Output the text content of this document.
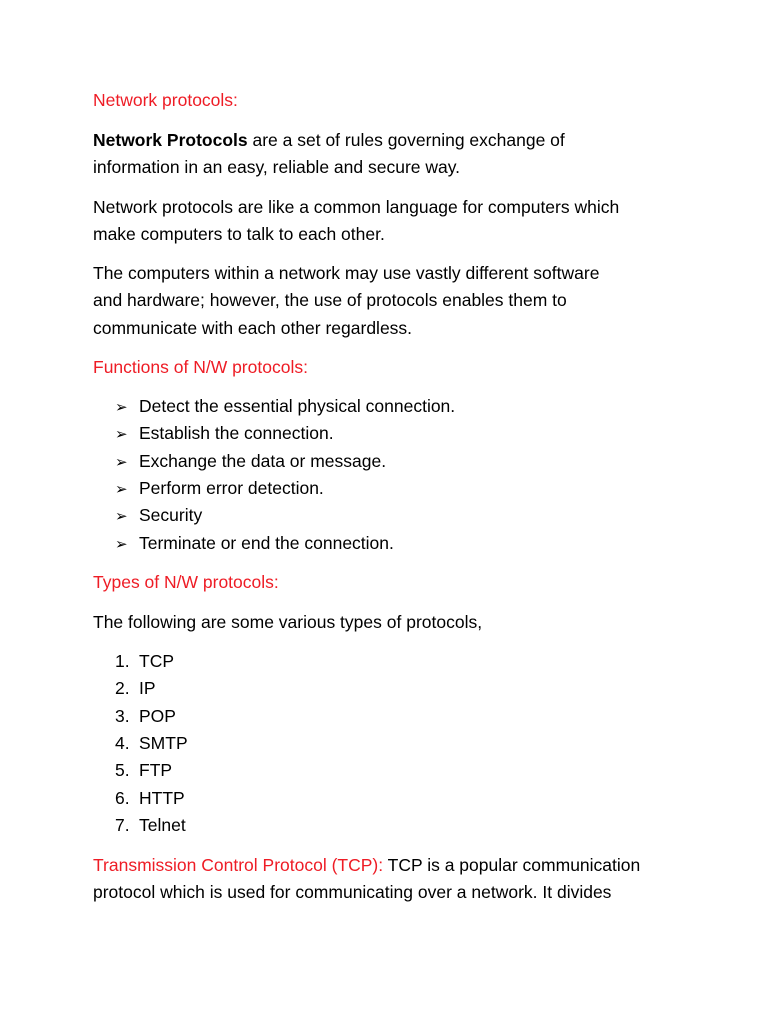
Network protocols:
Network Protocols are a set of rules governing exchange of
information in an easy, reliable and secure way.
Network protocols are like a common language for computers which
make computers to talk to each other.
The computers within a network may use vastly different software
and hardware; however, the use of protocols enables them to
communicate with each other regardless.
Functions of N/W protocols:
➢ Detect the essential physical connection.
➢ Establish the connection.
➢ Exchange the data or message.
➢ Perform error detection.
➢ Security
➢ Terminate or end the connection.
Types of N/W protocols:
The following are some various types of protocols,
1. TCP
2. IP
3. POP
4. SMTP
5. FTP
6. HTTP
7. Telnet
Transmission Control Protocol (TCP): TCP is a popular communication
protocol which is used for communicating over a network. It divides
